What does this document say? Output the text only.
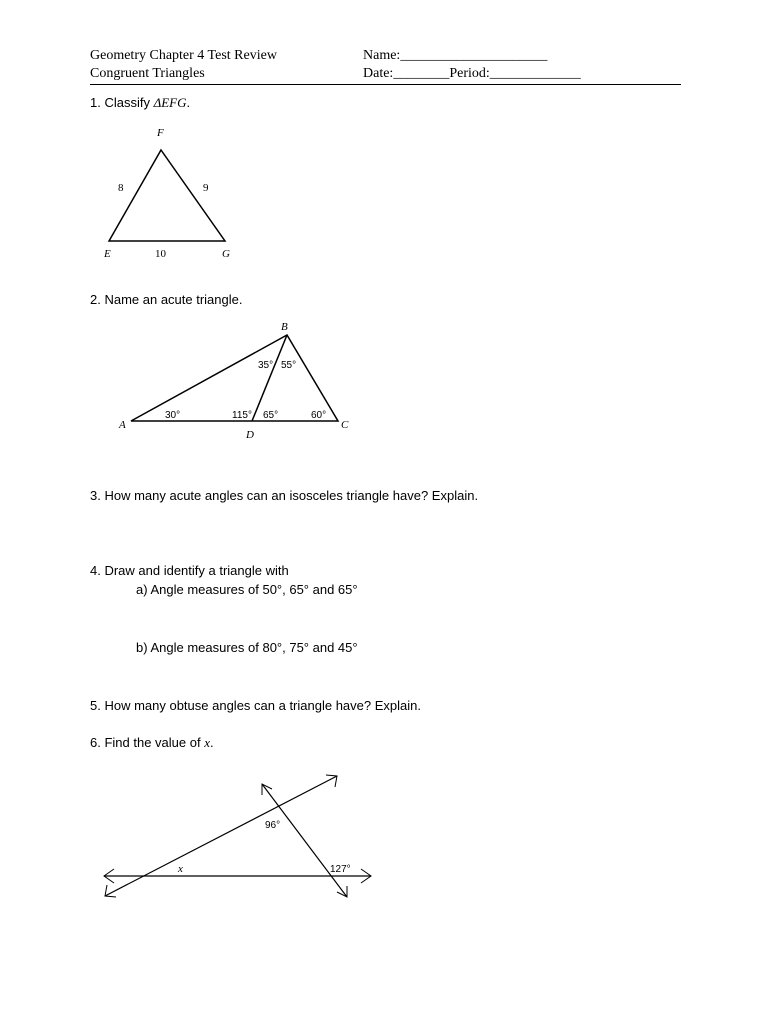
Geometry Chapter 4 Test Review
Congruent Triangles
Name:_____________________
Date:________Period:_____________
1. Classify ΔEFG.
F
E	G
8	9
10
2. Name an acute triangle.
B
A	C
D
35° 55°
30°	115° 65°	60°
3. How many acute angles can an isosceles triangle have? Explain.
4. Draw and identify a triangle with
a) Angle measures of 50°, 65° and 65°
b) Angle measures of 80°, 75° and 45°
5. How many obtuse angles can a triangle have? Explain.
6. Find the value of x.
96°
x	127°
